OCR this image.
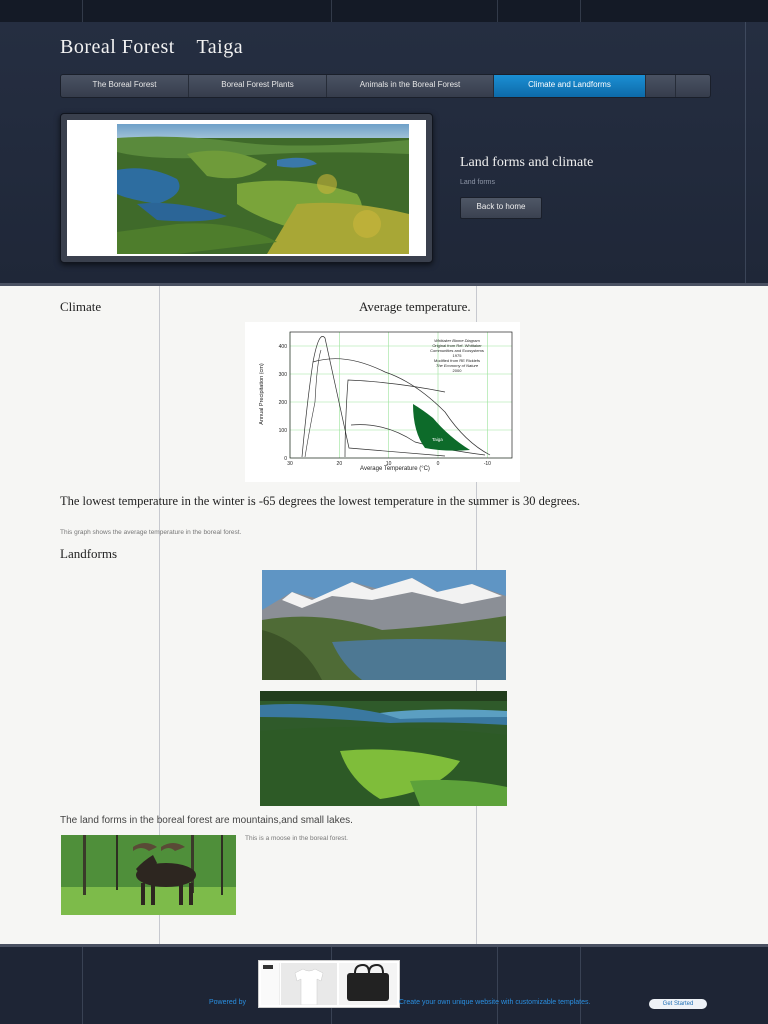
Boreal Forest    Taiga
The Boreal Forest	Boreal Forest Plants	Animals in the Boreal Forest	Climate and Landforms
Land forms and climate
Land forms
Back to home
Climate	Average temperature.
Taiga
Whittaker Biome Diagram
Original from Ref. Whittaker
Communities and Ecosystems
1975
Modified from RE Ricklefs
The Economy of Nature
2000
0
100
200
300
400
30	20	10	0	-10
Average Temperature (°C)
Annual Precipitation (cm)
The lowest temperature in the winter is -65 degrees the lowest temperature in the summer is 30 degrees.
This graph shows the average temperature in the boreal forest.
Landforms
The land forms in the boreal forest are mountains,and small lakes.
This is a moose in the boreal forest.
Powered by	Create your own unique website with customizable templates.	Get Started
